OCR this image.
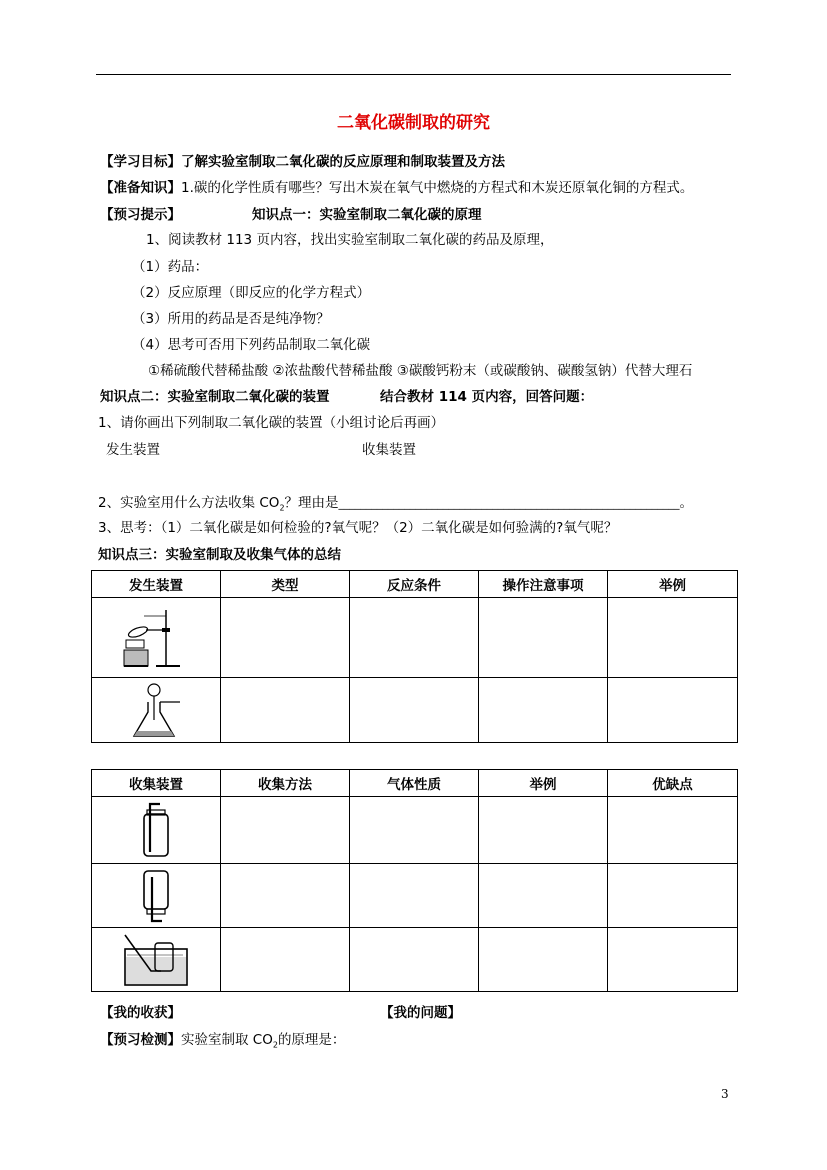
二氧化碳制取的研究
【学习目标】了解实验室制取二氧化碳的反应原理和制取装置及方法
【准备知识】1.碳的化学性质有哪些？写出木炭在氧气中燃烧的方程式和木炭还原氧化铜的方程式。
【预习提示】	知识点一：实验室制取二氧化碳的原理
1、阅读教材 113 页内容，找出实验室制取二氧化碳的药品及原理，
（1）药品：
（2）反应原理（即反应的化学方程式）
（3）所用的药品是否是纯净物？
（4）思考可否用下列药品制取二氧化碳
①稀硫酸代替稀盐酸 ②浓盐酸代替稀盐酸 ③碳酸钙粉末（或碳酸钠、碳酸氢钠）代替大理石
知识点二：实验室制取二氧化碳的装置	结合教材 114 页内容，回答问题：
1、请你画出下列制取二氧化碳的装置（小组讨论后再画）
发生装置	收集装置
2、实验室用什么方法收集 $CO_2$？理由是______________________________________________________________。
3、思考：（1）二氧化碳是如何检验的?氧气呢？（2）二氧化碳是如何验满的?氧气呢？
知识点三：实验室制取及收集气体的总结
发生装置	类型	反应条件	操作注意事项	举例

收集装置	收集方法	气体性质	举例	优缺点

【我的收获】	【我的问题】
【预习检测】实验室制取 $CO_2$的原理是：
3
